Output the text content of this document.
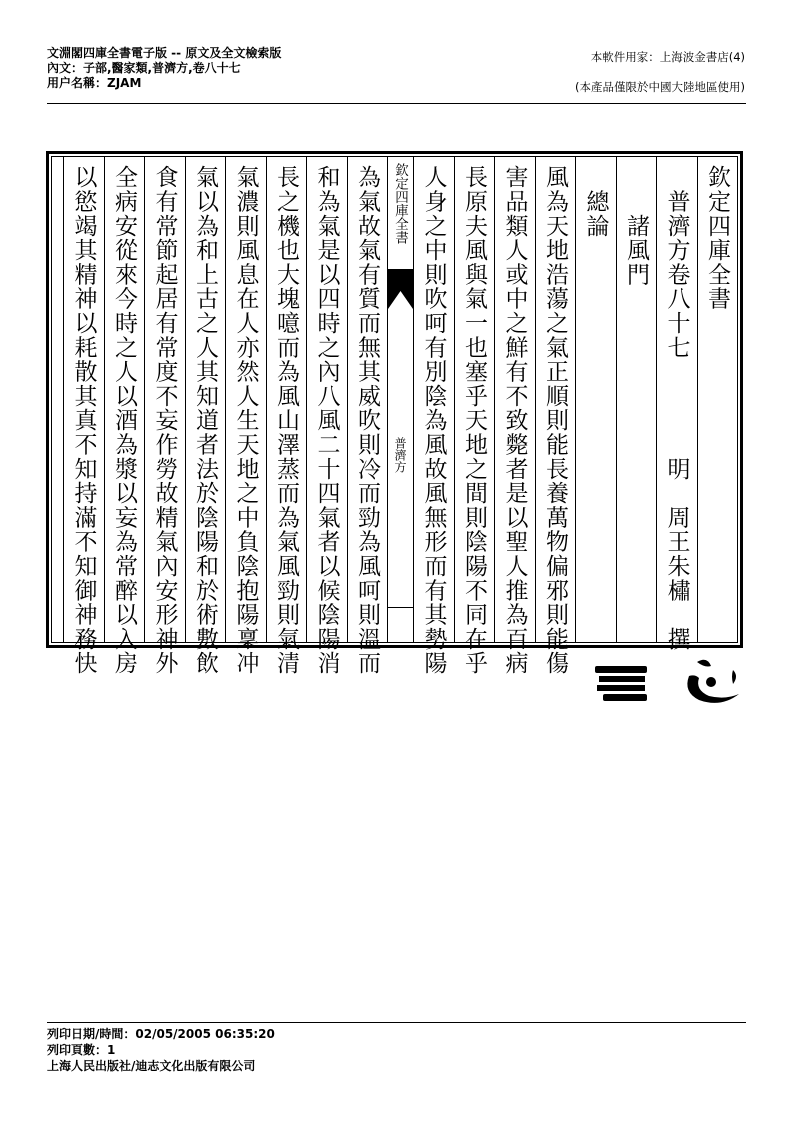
文淵閣四庫全書電子版 -- 原文及全文檢索版
內文：子部,醫家類,普濟方,卷八十七
用户名稱：ZJAM
本軟件用家：上海波金書店(4)
(本產品僅限於中國大陸地區使用)
欽定四庫全書
　普濟方卷八十七　　　　明　周王朱橚　撰
　　諸風門
　總論
風為天地浩蕩之氣正順則能長養萬物偏邪則能傷
害品類人或中之鮮有不致斃者是以聖人推為百病
長原夫風與氣一也塞乎天地之間則陰陽不同在乎
人身之中則吹呵有別陰為風故風無形而有其勢陽
欽定四庫全書
普濟方
為氣故氣有質而無其威吹則冷而勁為風呵則溫而
和為氣是以四時之內八風二十四氣者以候陰陽消
長之機也大塊噫而為風山澤蒸而為氣風勁則氣清
氣濃則風息在人亦然人生天地之中負陰抱陽稟冲
氣以為和上古之人其知道者法於陰陽和於術數飲
食有常節起居有常度不妄作勞故精氣內安形神外
全病安從來今時之人以酒為漿以妄為常醉以入房
以慾竭其精神以耗散其真不知持滿不知御神務快
列印日期/時間：02/05/2005 06:35:20
列印頁數：1
上海人民出版社/迪志文化出版有限公司
